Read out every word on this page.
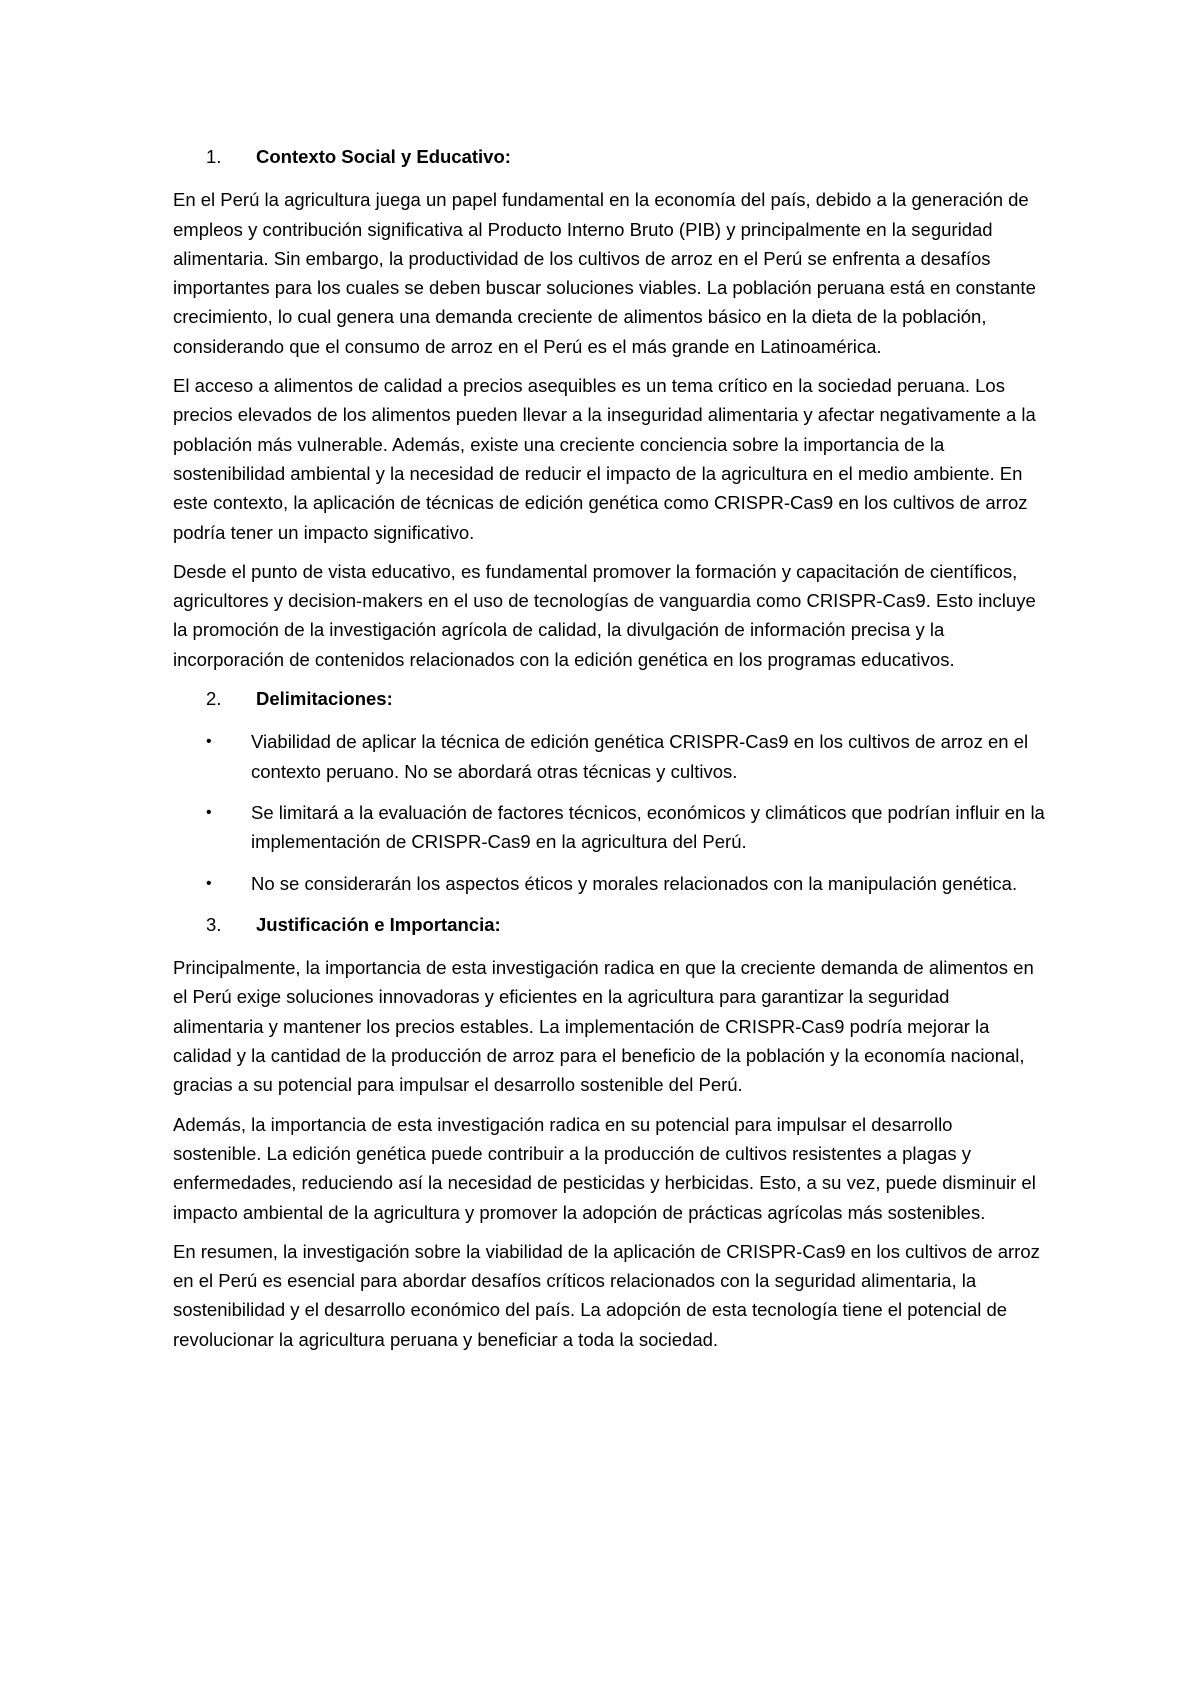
1.	Contexto Social y Educativo:

En el Perú la agricultura juega un papel fundamental en la economía del país, debido a la generación de empleos y contribución significativa al Producto Interno Bruto (PIB) y principalmente en la seguridad alimentaria. Sin embargo, la productividad de los cultivos de arroz en el Perú se enfrenta a desafíos importantes para los cuales se deben buscar soluciones viables. La población peruana está en constante crecimiento, lo cual genera una demanda creciente de alimentos básico en la dieta de la población, considerando que el consumo de arroz en el Perú es el más grande en Latinoamérica.

El acceso a alimentos de calidad a precios asequibles es un tema crítico en la sociedad peruana. Los precios elevados de los alimentos pueden llevar a la inseguridad alimentaria y afectar negativamente a la población más vulnerable. Además, existe una creciente conciencia sobre la importancia de la sostenibilidad ambiental y la necesidad de reducir el impacto de la agricultura en el medio ambiente. En este contexto, la aplicación de técnicas de edición genética como CRISPR-Cas9 en los cultivos de arroz podría tener un impacto significativo.

Desde el punto de vista educativo, es fundamental promover la formación y capacitación de científicos, agricultores y decision-makers en el uso de tecnologías de vanguardia como CRISPR-Cas9. Esto incluye la promoción de la investigación agrícola de calidad, la divulgación de información precisa y la incorporación de contenidos relacionados con la edición genética en los programas educativos.

2.	Delimitaciones:
•	Viabilidad de aplicar la técnica de edición genética CRISPR-Cas9 en los cultivos de arroz en el contexto peruano. No se abordará otras técnicas y cultivos.
•	Se limitará a la evaluación de factores técnicos, económicos y climáticos que podrían influir en la implementación de CRISPR-Cas9 en la agricultura del Perú.
•	No se considerarán los aspectos éticos y morales relacionados con la manipulación genética.
3.	Justificación e Importancia:

Principalmente, la importancia de esta investigación radica en que la creciente demanda de alimentos en el Perú exige soluciones innovadoras y eficientes en la agricultura para garantizar la seguridad alimentaria y mantener los precios estables. La implementación de CRISPR-Cas9 podría mejorar la calidad y la cantidad de la producción de arroz para el beneficio de la población y la economía nacional, gracias a su potencial para impulsar el desarrollo sostenible del Perú.

Además, la importancia de esta investigación radica en su potencial para impulsar el desarrollo sostenible. La edición genética puede contribuir a la producción de cultivos resistentes a plagas y enfermedades, reduciendo así la necesidad de pesticidas y herbicidas. Esto, a su vez, puede disminuir el impacto ambiental de la agricultura y promover la adopción de prácticas agrícolas más sostenibles.

En resumen, la investigación sobre la viabilidad de la aplicación de CRISPR-Cas9 en los cultivos de arroz en el Perú es esencial para abordar desafíos críticos relacionados con la seguridad alimentaria, la sostenibilidad y el desarrollo económico del país. La adopción de esta tecnología tiene el potencial de revolucionar la agricultura peruana y beneficiar a toda la sociedad.
